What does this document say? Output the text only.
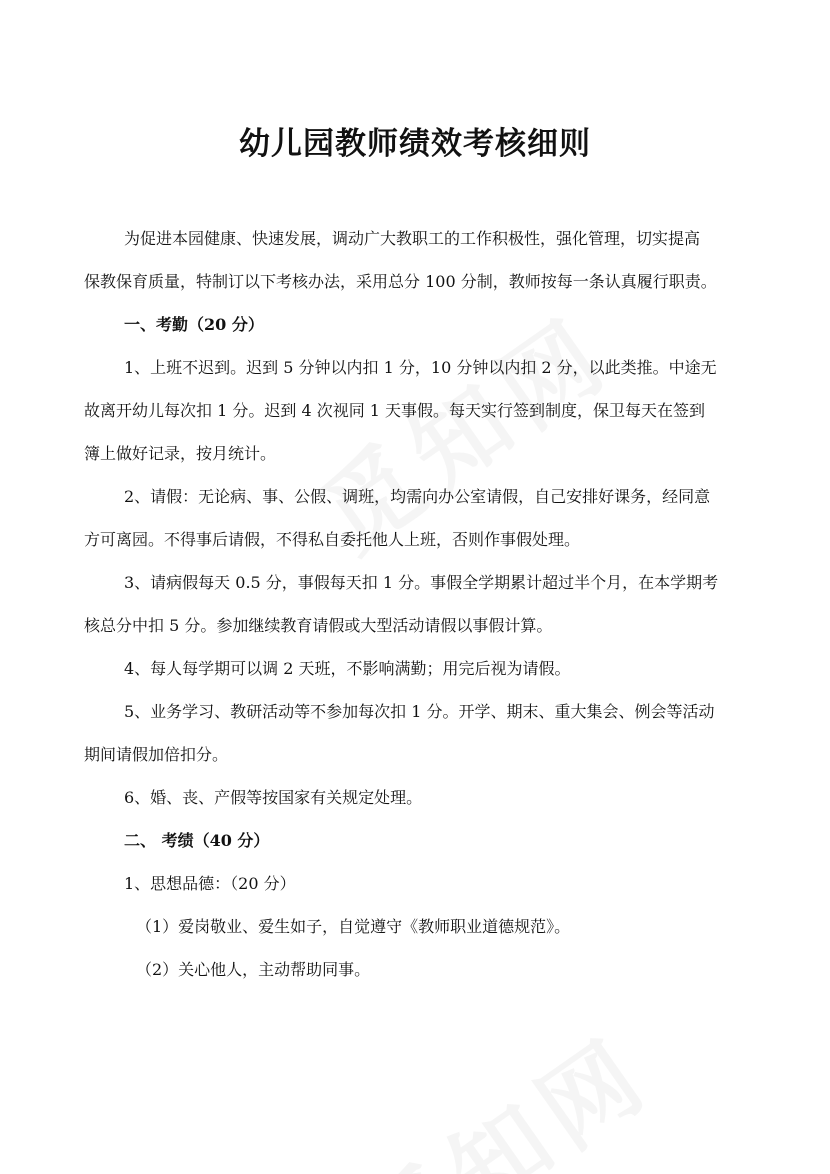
幼儿园教师绩效考核细则
为促进本园健康、快速发展，调动广大教职工的工作积极性，强化管理，切实提高
保教保育质量，特制订以下考核办法，采用总分 100 分制，教师按每一条认真履行职责。
一、考勤（20 分）
1、上班不迟到。迟到 5 分钟以内扣 1 分，10 分钟以内扣 2 分，以此类推。中途无
故离开幼儿每次扣 1 分。迟到 4 次视同 1 天事假。每天实行签到制度，保卫每天在签到
簿上做好记录，按月统计。
2、请假：无论病、事、公假、调班，均需向办公室请假，自己安排好课务，经同意
方可离园。不得事后请假，不得私自委托他人上班，否则作事假处理。
3、请病假每天 0.5 分，事假每天扣 1 分。事假全学期累计超过半个月，在本学期考
核总分中扣 5 分。参加继续教育请假或大型活动请假以事假计算。
4、每人每学期可以调 2 天班，不影响满勤；用完后视为请假。
5、业务学习、教研活动等不参加每次扣 1 分。开学、期末、重大集会、例会等活动
期间请假加倍扣分。
6、婚、丧、产假等按国家有关规定处理。
二、 考绩（40 分）
1、思想品德：（20 分）
（1）爱岗敬业、爱生如子，自觉遵守《教师职业道德规范》。
（2）关心他人，主动帮助同事。
